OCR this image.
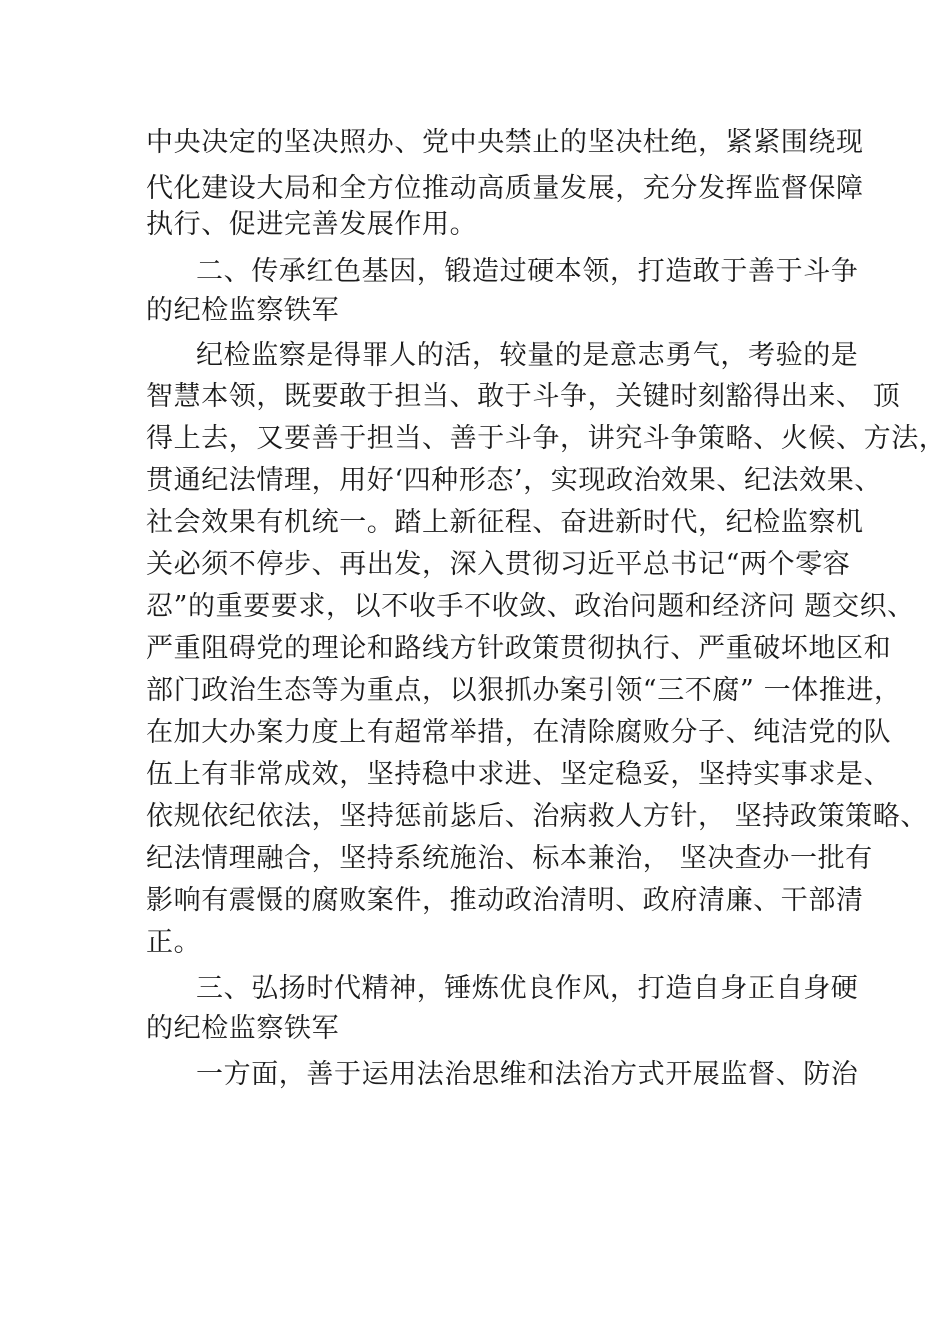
中央决定的坚决照办、党中央禁止的坚决杜绝，紧紧围绕现
代化建设大局和全方位推动高质量发展，充分发挥监督保障
执行、促进完善发展作用。
二、传承红色基因，锻造过硬本领，打造敢于善于斗争
的纪检监察铁军
纪检监察是得罪人的活，较量的是意志勇气，考验的是
智慧本领，既要敢于担当、敢于斗争，关键时刻豁得出来、 顶
得上去，又要善于担当、善于斗争，讲究斗争策略、火候、方法，
贯通纪法情理，用好‘四种形态’，实现政治效果、纪法效果、
社会效果有机统一。踏上新征程、奋进新时代，纪检监察机
关必须不停步、再出发，深入贯彻习近平总书记“两个零容
忍”的重要要求，以不收手不收敛、政治问题和经济问 题交织、
严重阻碍党的理论和路线方针政策贯彻执行、严重破坏地区和
部门政治生态等为重点，以狠抓办案引领“三不腐” 一体推进，
在加大办案力度上有超常举措，在清除腐败分子、纯洁党的队
伍上有非常成效，坚持稳中求进、坚定稳妥，坚持实事求是、
依规依纪依法，坚持惩前毖后、治病救人方针， 坚持政策策略、
纪法情理融合，坚持系统施治、标本兼治， 坚决查办一批有
影响有震慑的腐败案件，推动政治清明、政府清廉、干部清
正。
三、弘扬时代精神，锤炼优良作风，打造自身正自身硬
的纪检监察铁军
一方面，善于运用法治思维和法治方式开展监督、防治
